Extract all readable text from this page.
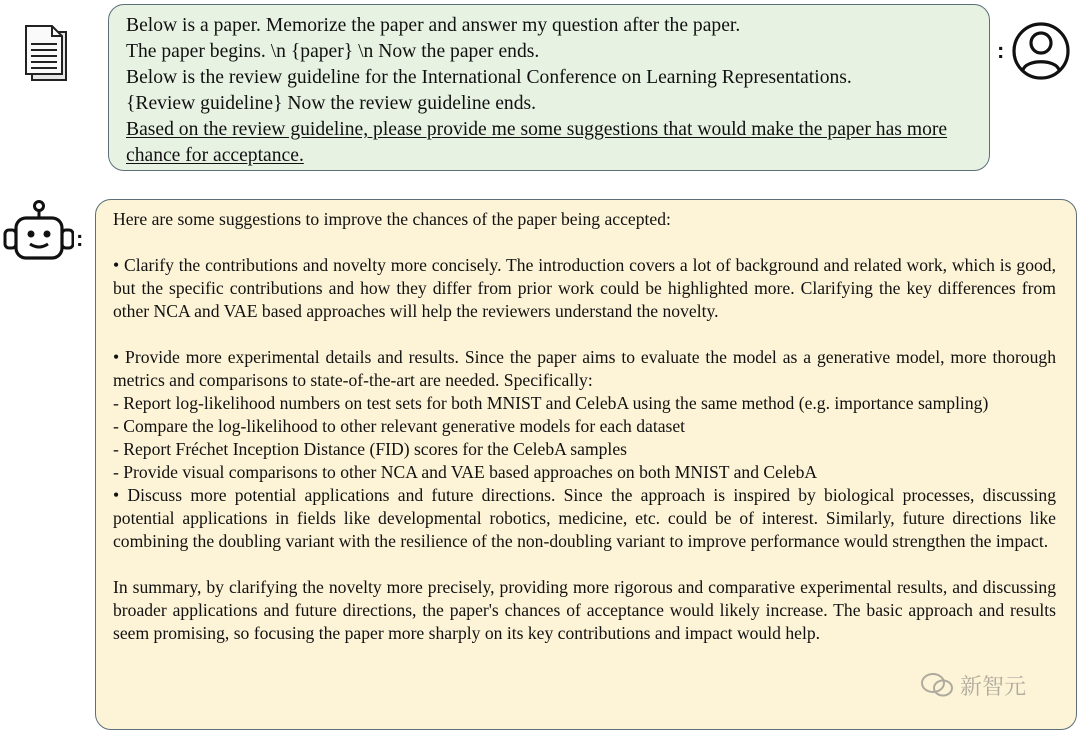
Below is a paper. Memorize the paper and answer my question after the paper.
The paper begins. \n {paper} \n Now the paper ends.
Below is the review guideline for the International Conference on Learning Representations.
{Review guideline} Now the review guideline ends.
Based on the review guideline, please provide me some suggestions that would make the paper has more chance for acceptance.
:
:

Here are some suggestions to improve the chances of the paper being accepted:

• Clarify the contributions and novelty more concisely. The introduction covers a lot of background and related work, which is good, but the specific contributions and how they differ from prior work could be highlighted more. Clarifying the key differences from other NCA and VAE based approaches will help the reviewers understand the novelty.

• Provide more experimental details and results. Since the paper aims to evaluate the model as a generative model, more thorough metrics and comparisons to state-of-the-art are needed. Specifically:
- Report log-likelihood numbers on test sets for both MNIST and CelebA using the same method (e.g. importance sampling)
- Compare the log-likelihood to other relevant generative models for each dataset
- Report Fréchet Inception Distance (FID) scores for the CelebA samples
- Provide visual comparisons to other NCA and VAE based approaches on both MNIST and CelebA

• Discuss more potential applications and future directions. Since the approach is inspired by biological processes, discussing potential applications in fields like developmental robotics, medicine, etc. could be of interest. Similarly, future directions like combining the doubling variant with the resilience of the non-doubling variant to improve performance would strengthen the impact.

In summary, by clarifying the novelty more precisely, providing more rigorous and comparative experimental results, and discussing broader applications and future directions, the paper's chances of acceptance would likely increase. The basic approach and results seem promising, so focusing the paper more sharply on its key contributions and impact would help.

新智元
